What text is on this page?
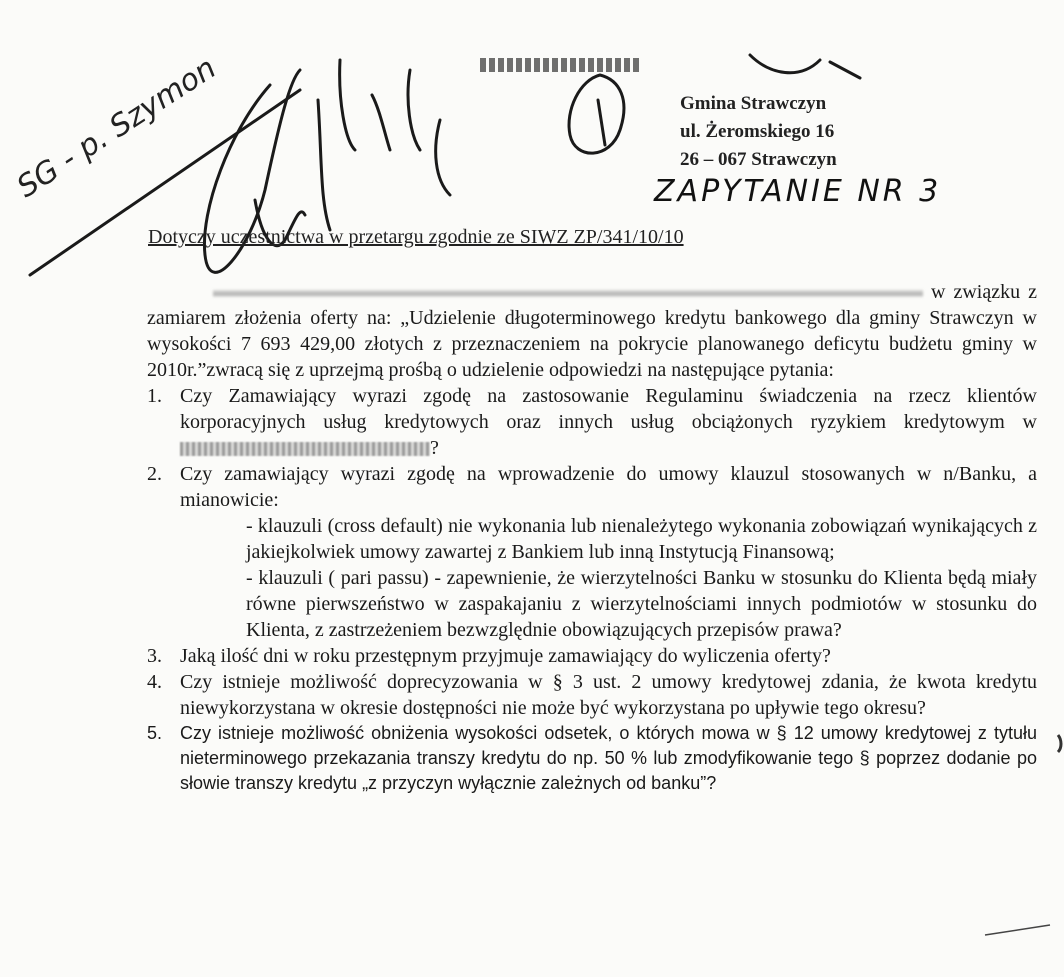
SG - p. Szymon	Gmina Strawczyn
ul. Żeromskiego 16
26 – 067 Strawczyn
ZAPYTANIE NR 3
Dotyczy uczestnictwa w przetargu zgodnie ze SIWZ ZP/341/10/10
w związku z zamiarem złożenia oferty na: „Udzielenie długoterminowego kredytu bankowego dla gminy Strawczyn w wysokości 7 693 429,00 złotych z przeznaczeniem na pokrycie planowanego deficytu budżetu gminy w 2010r.”zwracą się z uprzejmą prośbą o udzielenie odpowiedzi na następujące pytania:
1. Czy Zamawiający wyrazi zgodę na zastosowanie Regulaminu świadczenia na rzecz klientów korporacyjnych usług kredytowych oraz innych usług obciążonych ryzykiem kredytowym w ?
2. Czy zamawiający wyrazi zgodę na wprowadzenie do umowy klauzul stosowanych w n/Banku, a mianowicie:
- klauzuli (cross default) nie wykonania lub nienależytego wykonania zobowiązań wynikających z jakiejkolwiek umowy zawartej z Bankiem lub inną Instytucją Finansową;
- klauzuli ( pari passu) - zapewnienie, że wierzytelności Banku w stosunku do Klienta będą miały równe pierwszeństwo w zaspakajaniu z wierzytelnościami innych podmiotów w stosunku do Klienta, z zastrzeżeniem bezwzględnie obowiązujących przepisów prawa?
3. Jaką ilość dni w roku przestępnym przyjmuje zamawiający do wyliczenia oferty?
4. Czy istnieje możliwość doprecyzowania w § 3 ust. 2 umowy kredytowej zdania, że kwota kredytu niewykorzystana w okresie dostępności nie może być wykorzystana po upływie tego okresu?
5. Czy istnieje możliwość obniżenia wysokości odsetek, o których mowa w § 12 umowy kredytowej z tytułu nieterminowego przekazania transzy kredytu do np. 50 % lub zmodyfikowanie tego § poprzez dodanie po słowie transzy kredytu „z przyczyn wyłącznie zależnych od banku”?
